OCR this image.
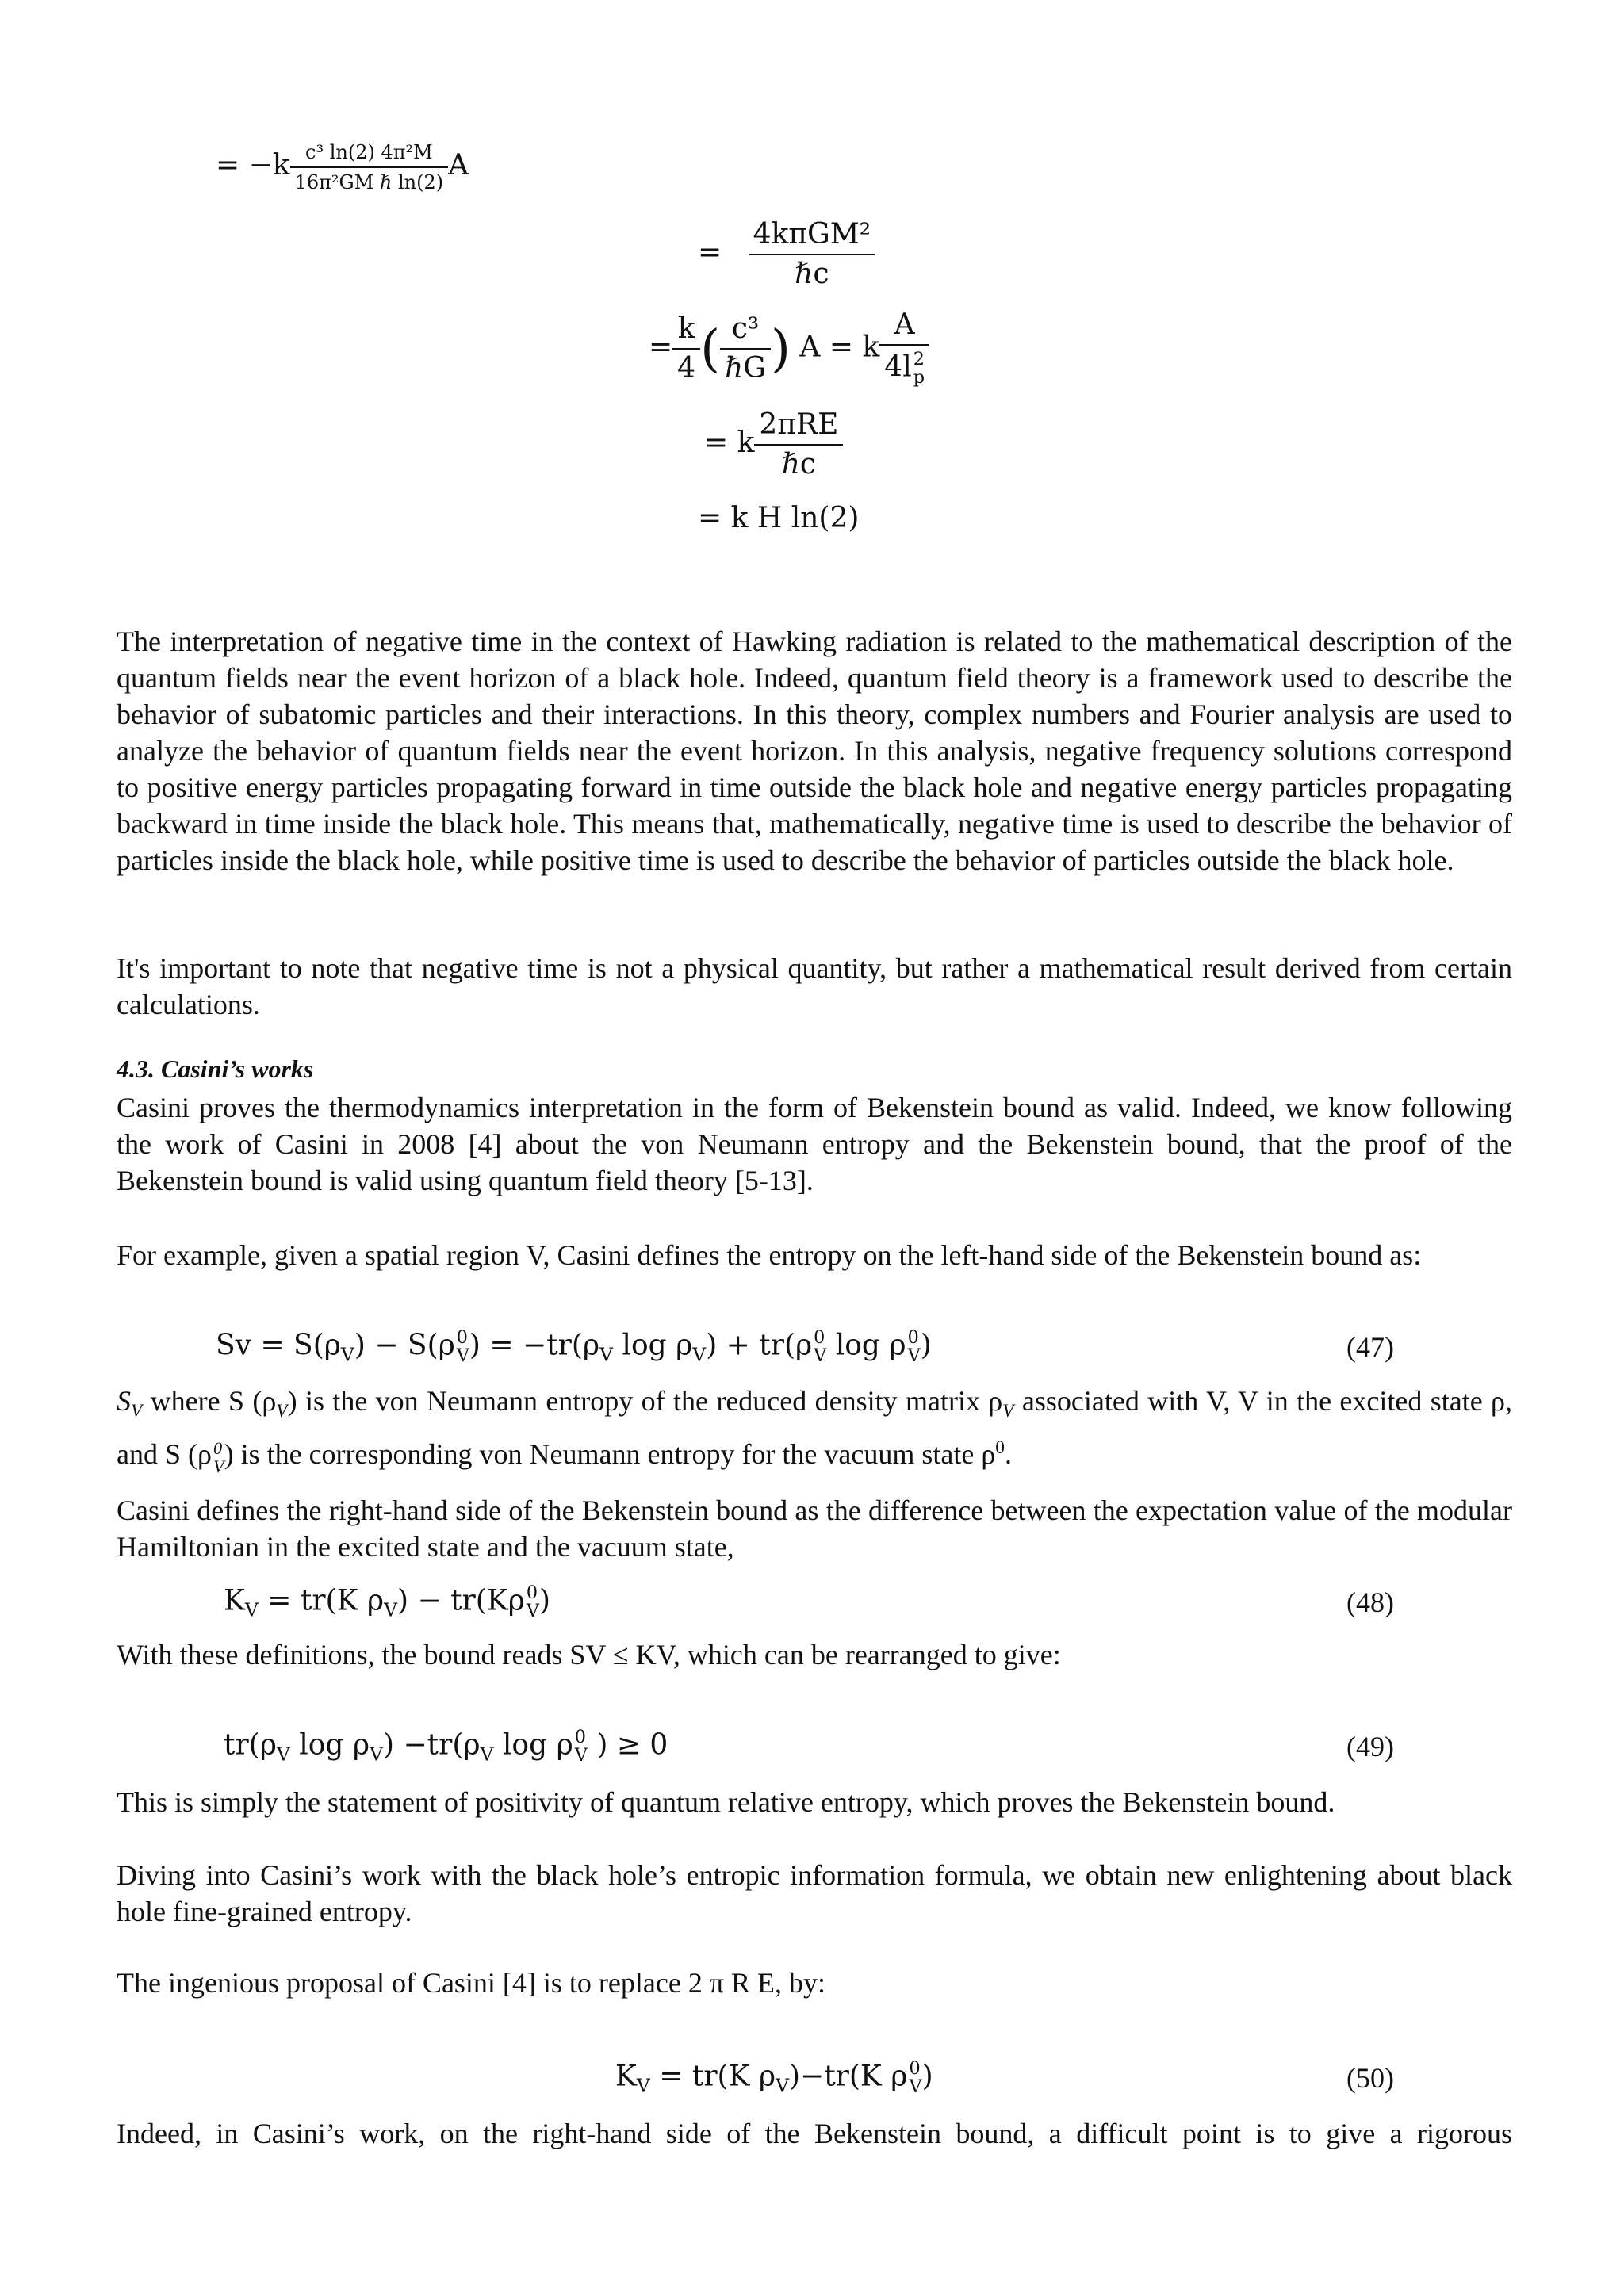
= $-k \frac{\text{c³ ln(2) 4π²M}}{\text{16π²GM ℏ ln(2)}}$ A
= $\frac{\text{4kπGM²}}{\text{ℏc}}$
= $\frac{k}{4}$ ( $\frac{\text{c³}}{\text{ℏG}}$ ) A = k A
4l 2
p
= k $\frac{\text{2πRE}}{\text{ℏc}}$
= k H ln(2)

The interpretation of negative time in the context of Hawking radiation is related to the mathematical description of the quantum fields near the event horizon of a black hole. Indeed, quantum field theory is a framework used to describe the behavior of subatomic particles and their interactions. In this theory, complex numbers and Fourier analysis are used to analyze the behavior of quantum fields near the event horizon. In this analysis, negative frequency solutions correspond to positive energy particles propagating forward in time outside the black hole and negative energy particles propagating backward in time inside the black hole. This means that, mathematically, negative time is used to describe the behavior of particles inside the black hole, while positive time is used to describe the behavior of particles outside the black hole.

It's important to note that negative time is not a physical quantity, but rather a mathematical result derived from certain calculations.

4.3. Casini’s works

Casini proves the thermodynamics interpretation in the form of Bekenstein bound as valid. Indeed, we know following the work of Casini in 2008 [4] about the von Neumann entropy and the Bekenstein bound, that the proof of the Bekenstein bound is valid using quantum field theory [5-13].

For example, given a spatial region V, Casini defines the entropy on the left-hand side of the Bekenstein bound as:

$Sv = S(\rho_V) - S(\rho$ 0
V ) = $-tr(\rho_V$ $\log \rho_V) + tr(\rho$ 0
V log ρ 0
V )	(47)

$S_V$ where S $(\rho_V)$ is the von Neumann entropy of the reduced density matrix $\rho_V$ associated with V, V in the excited state ρ, and S (ρ 0
V ) is the corresponding von Neumann entropy for the vacuum state $\rho^0$.

Casini defines the right-hand side of the Bekenstein bound as the difference between the expectation value of the modular Hamiltonian in the excited state and the vacuum state,

$K_V = tr(K$ $\rho_V) - tr(K\rho$ 0
V )	(48)

With these definitions, the bound reads SV ≤ KV, which can be rearranged to give:

$tr(\rho_V$ $\log \rho_V) -tr(\rho_V$ log ρ 0
V ) ≥ 0	(49)

This is simply the statement of positivity of quantum relative entropy, which proves the Bekenstein bound.

Diving into Casini’s work with the black hole’s entropic information formula, we obtain new enlightening about black hole fine-grained entropy.

The ingenious proposal of Casini [4] is to replace 2 π R E, by:

$K_V = tr(K$ $\rho_V)-tr(K$ ρ 0
V )	(50)

Indeed, in Casini’s work, on the right-hand side of the Bekenstein bound, a difficult point is to give a rigorous
